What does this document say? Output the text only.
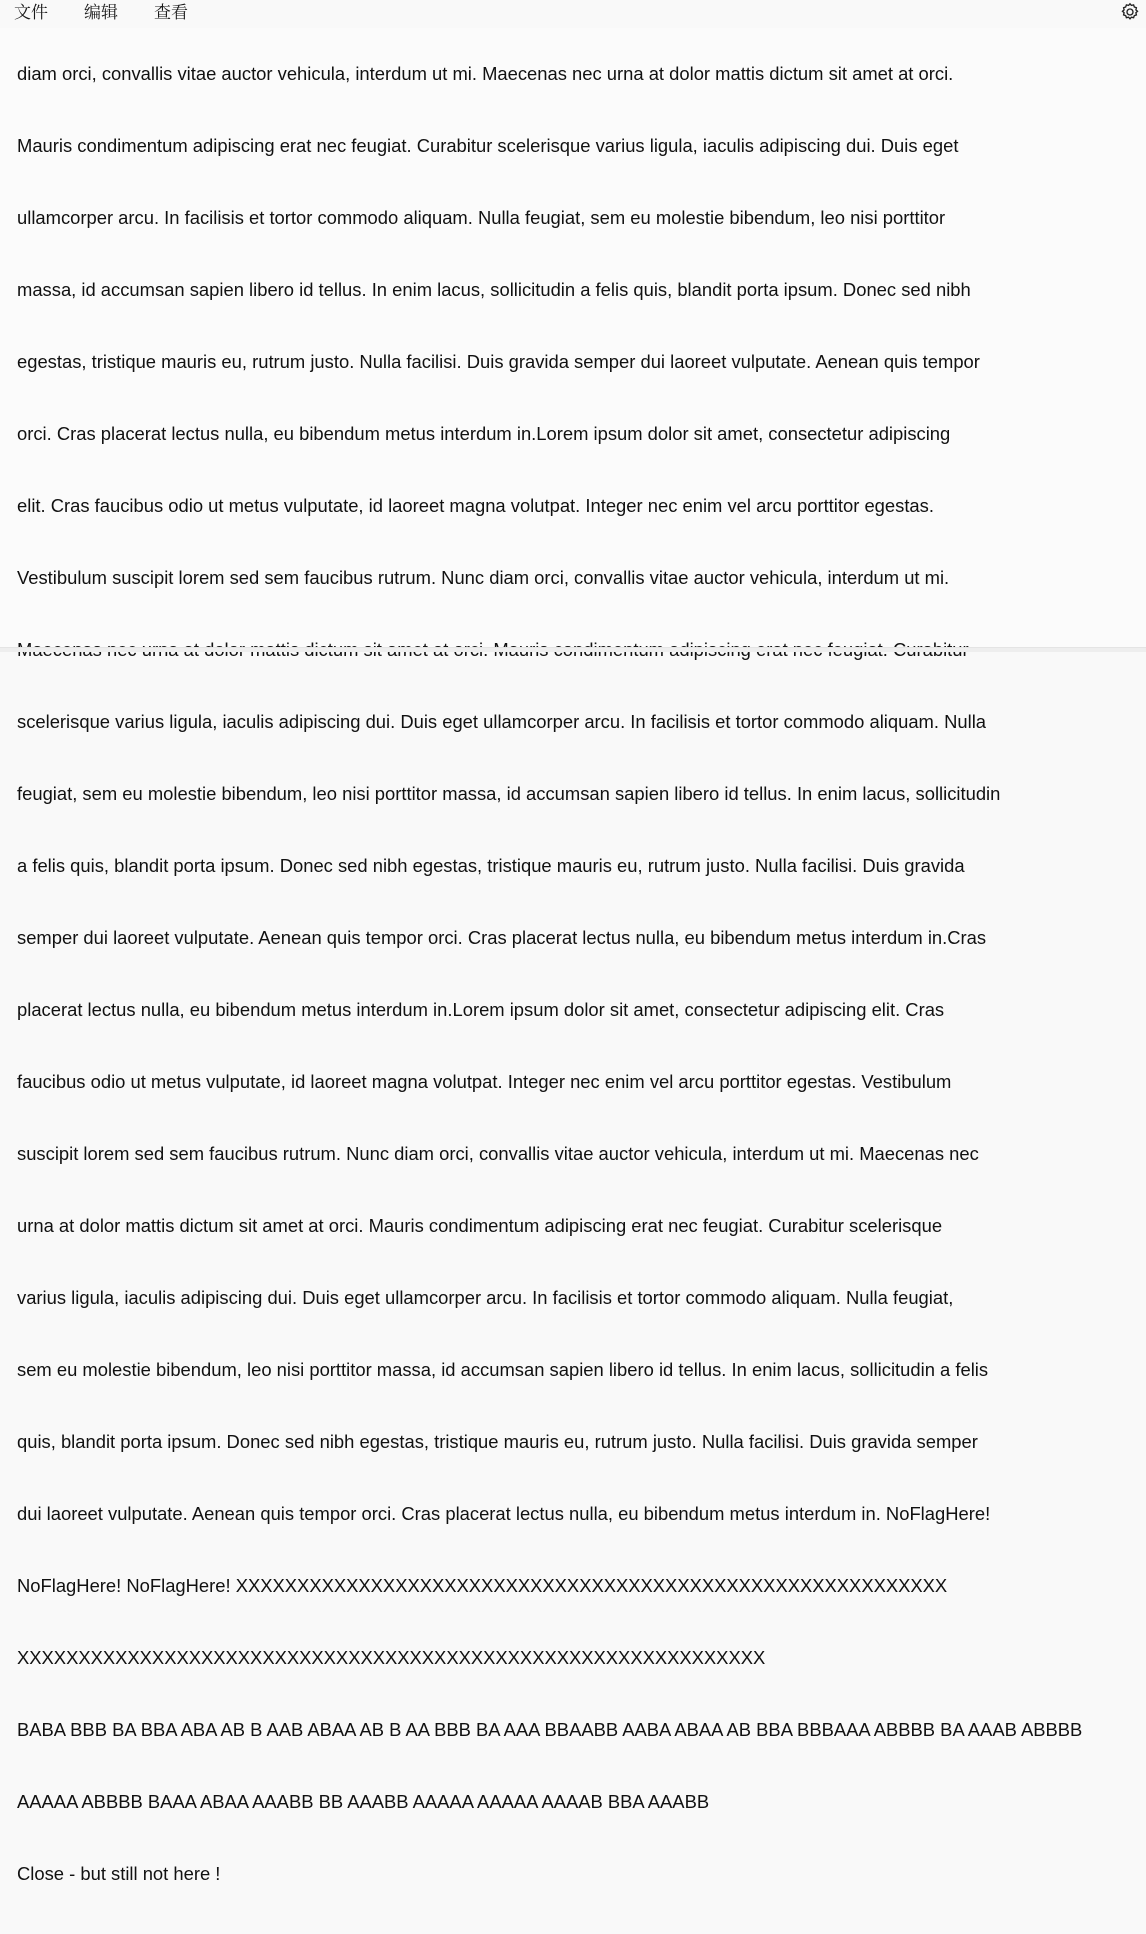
文件 编辑 查看

diam orci, convallis vitae auctor vehicula, interdum ut mi. Maecenas nec urna at dolor mattis dictum sit amet at orci.

Mauris condimentum adipiscing erat nec feugiat. Curabitur scelerisque varius ligula, iaculis adipiscing dui. Duis eget

ullamcorper arcu. In facilisis et tortor commodo aliquam. Nulla feugiat, sem eu molestie bibendum, leo nisi porttitor

massa, id accumsan sapien libero id tellus. In enim lacus, sollicitudin a felis quis, blandit porta ipsum. Donec sed nibh

egestas, tristique mauris eu, rutrum justo. Nulla facilisi. Duis gravida semper dui laoreet vulputate. Aenean quis tempor

orci. Cras placerat lectus nulla, eu bibendum metus interdum in.Lorem ipsum dolor sit amet, consectetur adipiscing

elit. Cras faucibus odio ut metus vulputate, id laoreet magna volutpat. Integer nec enim vel arcu porttitor egestas.

Vestibulum suscipit lorem sed sem faucibus rutrum. Nunc diam orci, convallis vitae auctor vehicula, interdum ut mi.

scelerisque varius ligula, iaculis adipiscing dui. Duis eget ullamcorper arcu. In facilisis et tortor commodo aliquam. Nulla

feugiat, sem eu molestie bibendum, leo nisi porttitor massa, id accumsan sapien libero id tellus. In enim lacus, sollicitudin

a felis quis, blandit porta ipsum. Donec sed nibh egestas, tristique mauris eu, rutrum justo. Nulla facilisi. Duis gravida

semper dui laoreet vulputate. Aenean quis tempor orci. Cras placerat lectus nulla, eu bibendum metus interdum in.Cras

placerat lectus nulla, eu bibendum metus interdum in.Lorem ipsum dolor sit amet, consectetur adipiscing elit. Cras

faucibus odio ut metus vulputate, id laoreet magna volutpat. Integer nec enim vel arcu porttitor egestas. Vestibulum

suscipit lorem sed sem faucibus rutrum. Nunc diam orci, convallis vitae auctor vehicula, interdum ut mi. Maecenas nec

urna at dolor mattis dictum sit amet at orci. Mauris condimentum adipiscing erat nec feugiat. Curabitur scelerisque

varius ligula, iaculis adipiscing dui. Duis eget ullamcorper arcu. In facilisis et tortor commodo aliquam. Nulla feugiat,

sem eu molestie bibendum, leo nisi porttitor massa, id accumsan sapien libero id tellus. In enim lacus, sollicitudin a felis

quis, blandit porta ipsum. Donec sed nibh egestas, tristique mauris eu, rutrum justo. Nulla facilisi. Duis gravida semper

dui laoreet vulputate. Aenean quis tempor orci. Cras placerat lectus nulla, eu bibendum metus interdum in. NoFlagHere!

NoFlagHere! NoFlagHere! XXXXXXXXXXXXXXXXXXXXXXXXXXXXXXXXXXXXXXXXXXXXXXXXXXXXXXXXXX

XXXXXXXXXXXXXXXXXXXXXXXXXXXXXXXXXXXXXXXXXXXXXXXXXXXXXXXXXXXXX

BABA BBB BA BBA ABA AB B AAB ABAA AB B AA BBB BA AAA BBAABB AABA ABAA AB BBA BBBAAA ABBBB BA AAAB ABBBB

AAAAA ABBBB BAAA ABAA AAABB BB AAABB AAAAA AAAAA AAAAB BBA AAABB

Close - but still not here !
